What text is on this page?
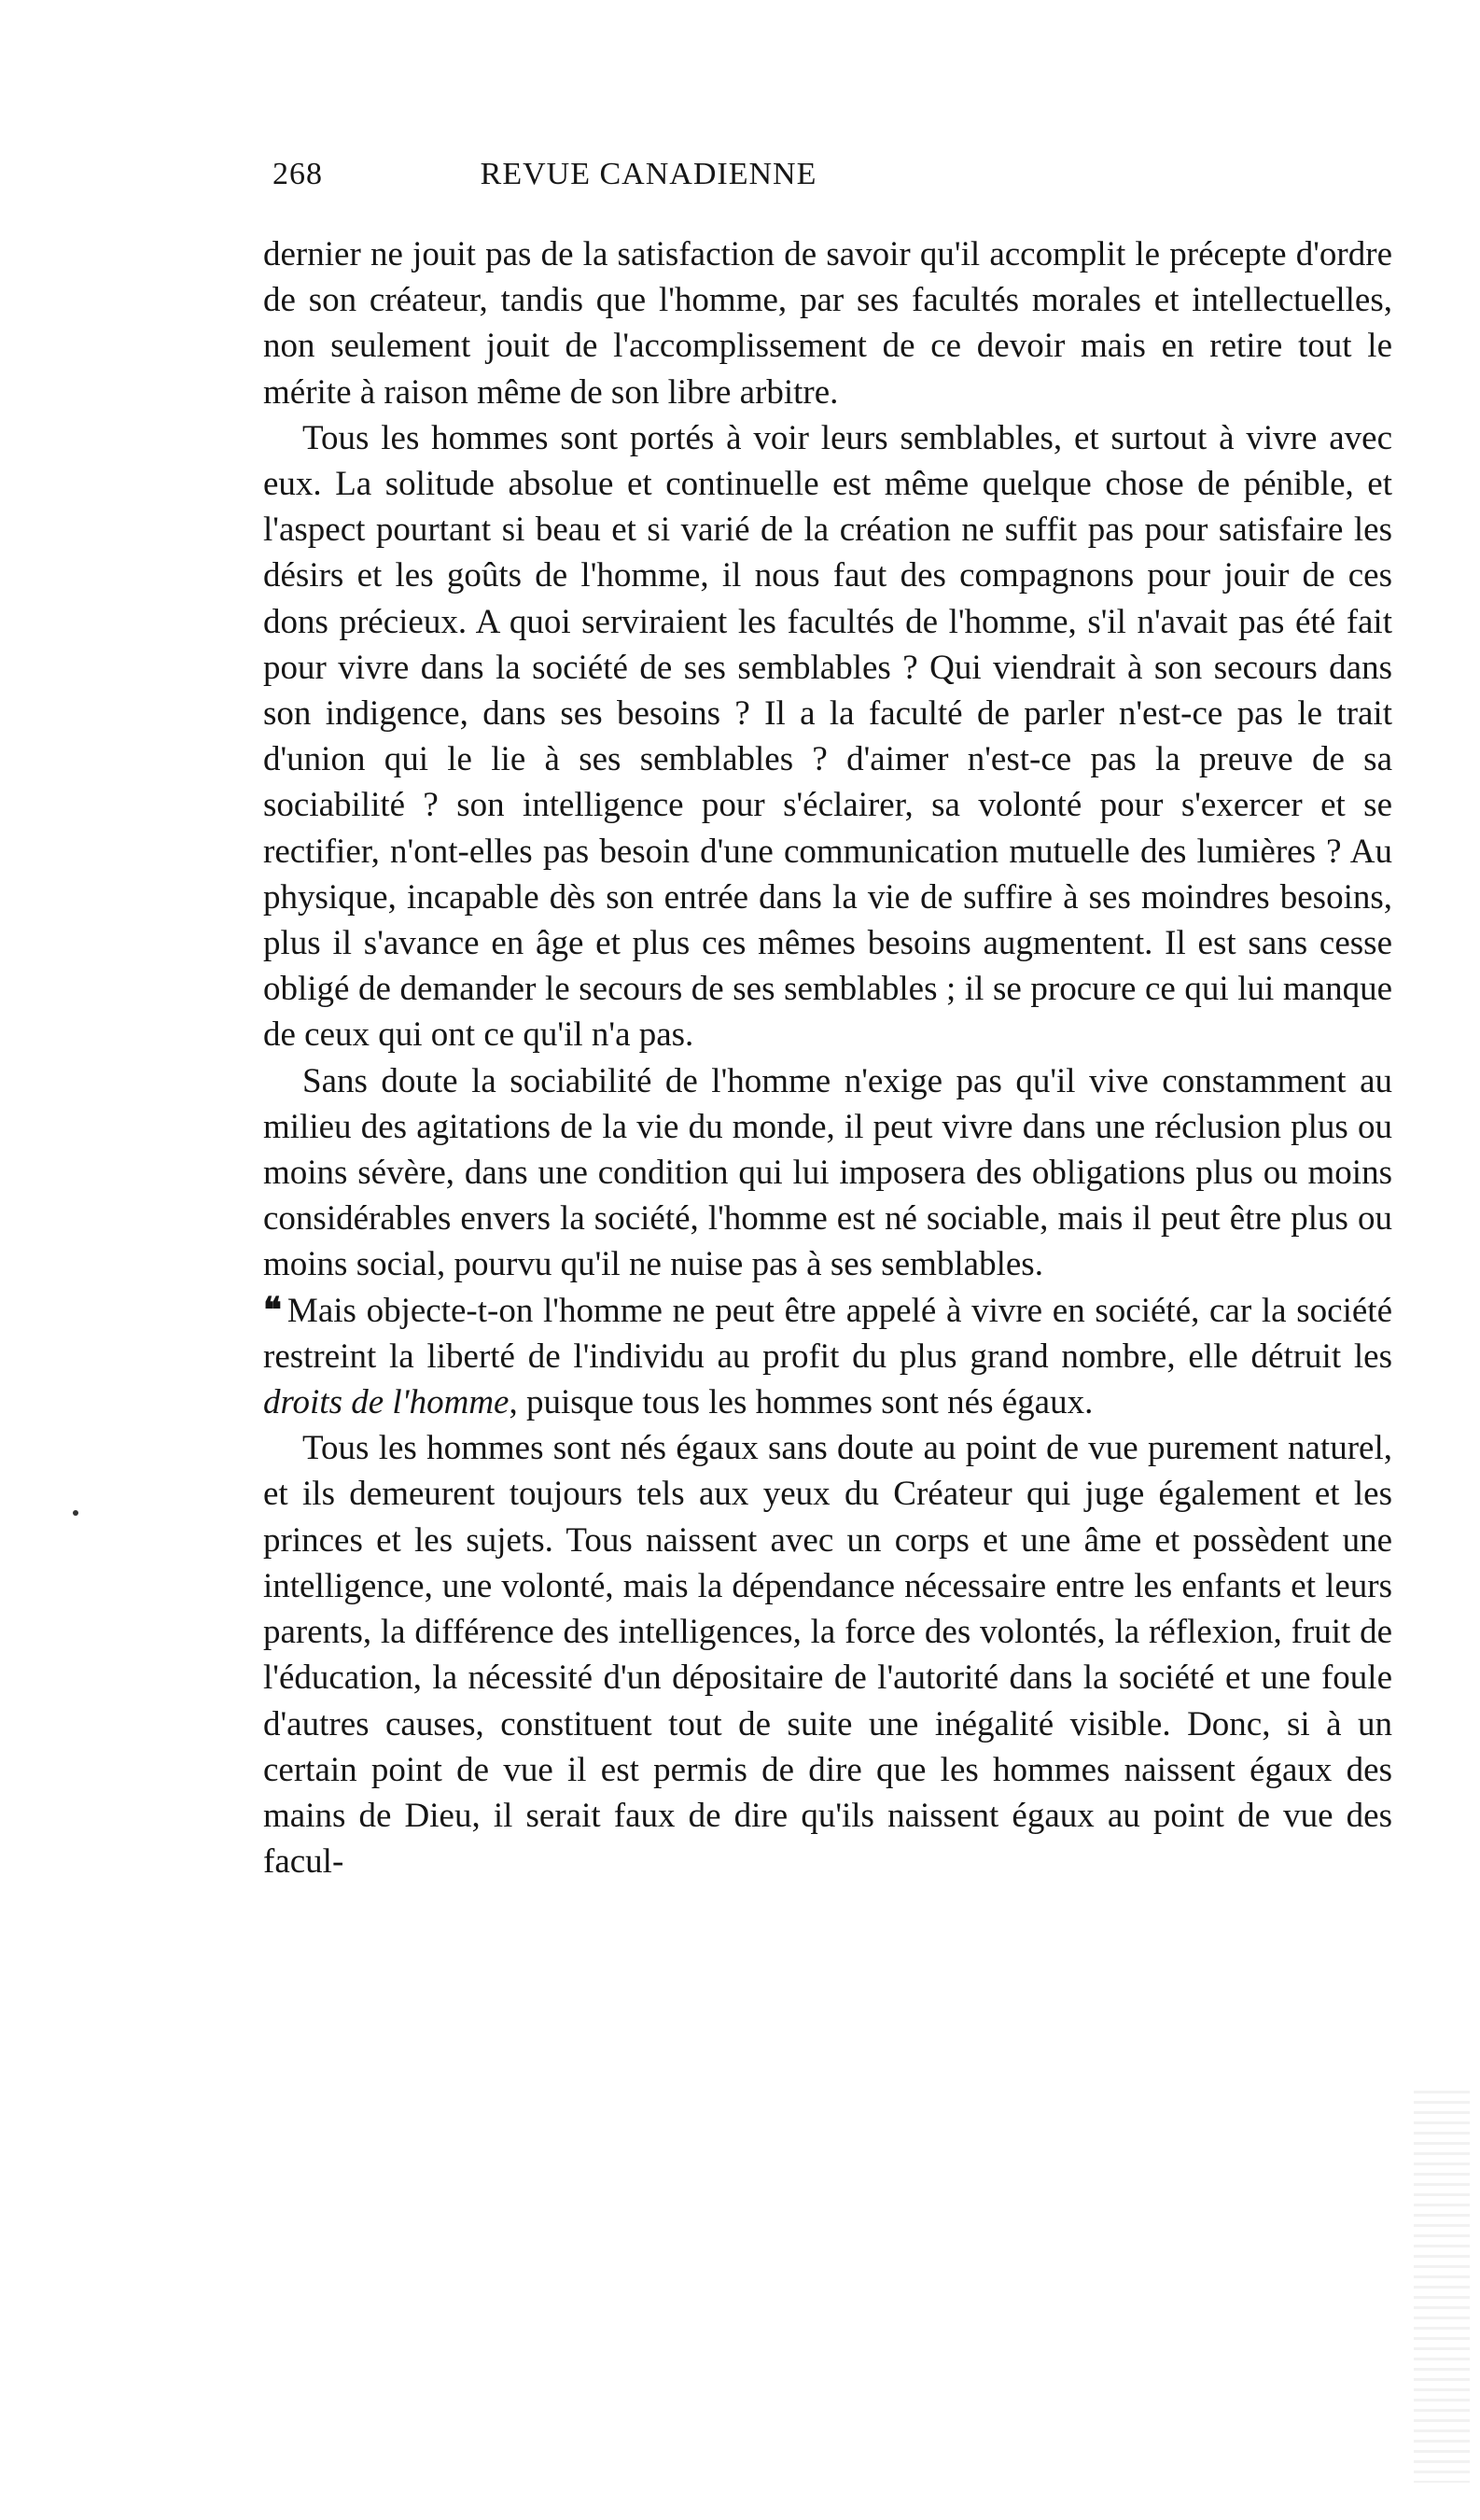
268	REVUE CANADIENNE

dernier ne jouit pas de la satisfaction de savoir qu'il accomplit le précepte d'ordre de son créateur, tandis que l'homme, par ses facultés morales et intellectuelles, non seulement jouit de l'accomplissement de ce devoir mais en retire tout le mérite à raison même de son libre arbitre.

Tous les hommes sont portés à voir leurs semblables, et surtout à vivre avec eux. La solitude absolue et continuelle est même quelque chose de pénible, et l'aspect pourtant si beau et si varié de la création ne suffit pas pour satisfaire les désirs et les goûts de l'homme, il nous faut des compagnons pour jouir de ces dons précieux. A quoi serviraient les facultés de l'homme, s'il n'avait pas été fait pour vivre dans la société de ses semblables ? Qui viendrait à son secours dans son indigence, dans ses besoins ? Il a la faculté de parler n'est-ce pas le trait d'union qui le lie à ses semblables ? d'aimer n'est-ce pas la preuve de sa sociabilité ? son intelligence pour s'éclairer, sa volonté pour s'exercer et se rectifier, n'ont-elles pas besoin d'une communication mutuelle des lumières ? Au physique, incapable dès son entrée dans la vie de suffire à ses moindres besoins, plus il s'avance en âge et plus ces mêmes besoins augmentent. Il est sans cesse obligé de demander le secours de ses semblables ; il se procure ce qui lui manque de ceux qui ont ce qu'il n'a pas.

Sans doute la sociabilité de l'homme n'exige pas qu'il vive constamment au milieu des agitations de la vie du monde, il peut vivre dans une réclusion plus ou moins sévère, dans une condition qui lui imposera des obligations plus ou moins considérables envers la société, l'homme est né sociable, mais il peut être plus ou moins social, pourvu qu'il ne nuise pas à ses semblables.

❝ Mais objecte-t-on l'homme ne peut être appelé à vivre en société, car la société restreint la liberté de l'individu au profit du plus grand nombre, elle détruit les droits de l'homme, puisque tous les hommes sont nés égaux.

Tous les hommes sont nés égaux sans doute au point de vue purement naturel, et ils demeurent toujours tels aux yeux du Créateur qui juge également et les princes et les sujets. Tous naissent avec un corps et une âme et possèdent une intelligence, une volonté, mais la dépendance nécessaire entre les enfants et leurs parents, la différence des intelligences, la force des volontés, la réflexion, fruit de l'éducation, la nécessité d'un dépositaire de l'autorité dans la société et une foule d'autres causes, constituent tout de suite une inégalité visible. Donc, si à un certain point de vue il est permis de dire que les hommes naissent égaux des mains de Dieu, il serait faux de dire qu'ils naissent égaux au point de vue des facul-
